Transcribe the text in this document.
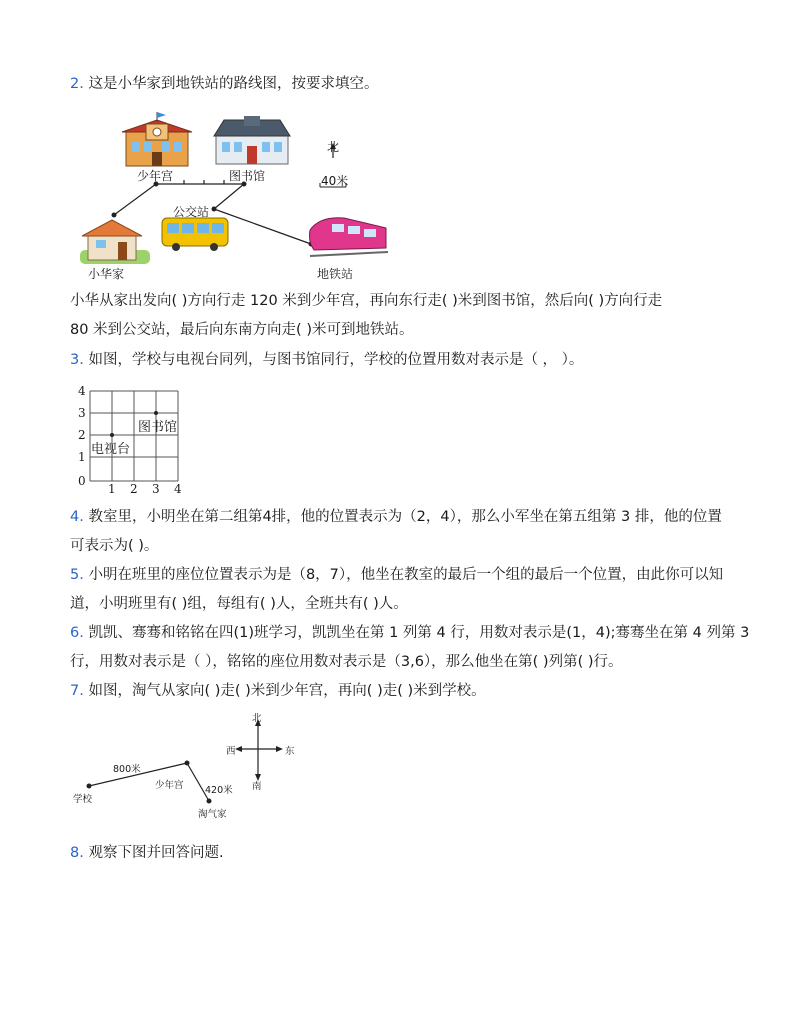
2. 这是小华家到地铁站的路线图，按要求填空。
少年宫	图书馆
北
40米
公交站
小华家	地铁站
小华从家出发向( )方向行走 120 米到少年宫，再向东行走( )米到图书馆，然后向( )方向行走
80 米到公交站，最后向东南方向走( )米可到地铁站。
3. 如图，学校与电视台同列，与图书馆同行，学校的位置用数对表示是（ ， ）。
4
3
2
1
0
1 2 3 4
电视台
图书馆
4. 教室里，小明坐在第二组第4排，他的位置表示为（2，4），那么小军坐在第五组第 3 排，他的位置
可表示为( )。
5. 小明在班里的座位位置表示为是（8，7），他坐在教室的最后一个组的最后一个位置，由此你可以知
道，小明班里有( )组，每组有( )人，全班共有( )人。
6. 凯凯、骞骞和铭铭在四(1)班学习，凯凯坐在第 1 列第 4 行，用数对表示是(1，4);骞骞坐在第 4 列第 3
行，用数对表示是（ ），铭铭的座位用数对表示是（3,6），那么他坐在第( )列第( )行。
7. 如图，淘气从家向( )走( )米到少年宫，再向( )走( )米到学校。
北
西	东
南
800米
少年宫 420米
学校
淘气家
8. 观察下图并回答问题.
